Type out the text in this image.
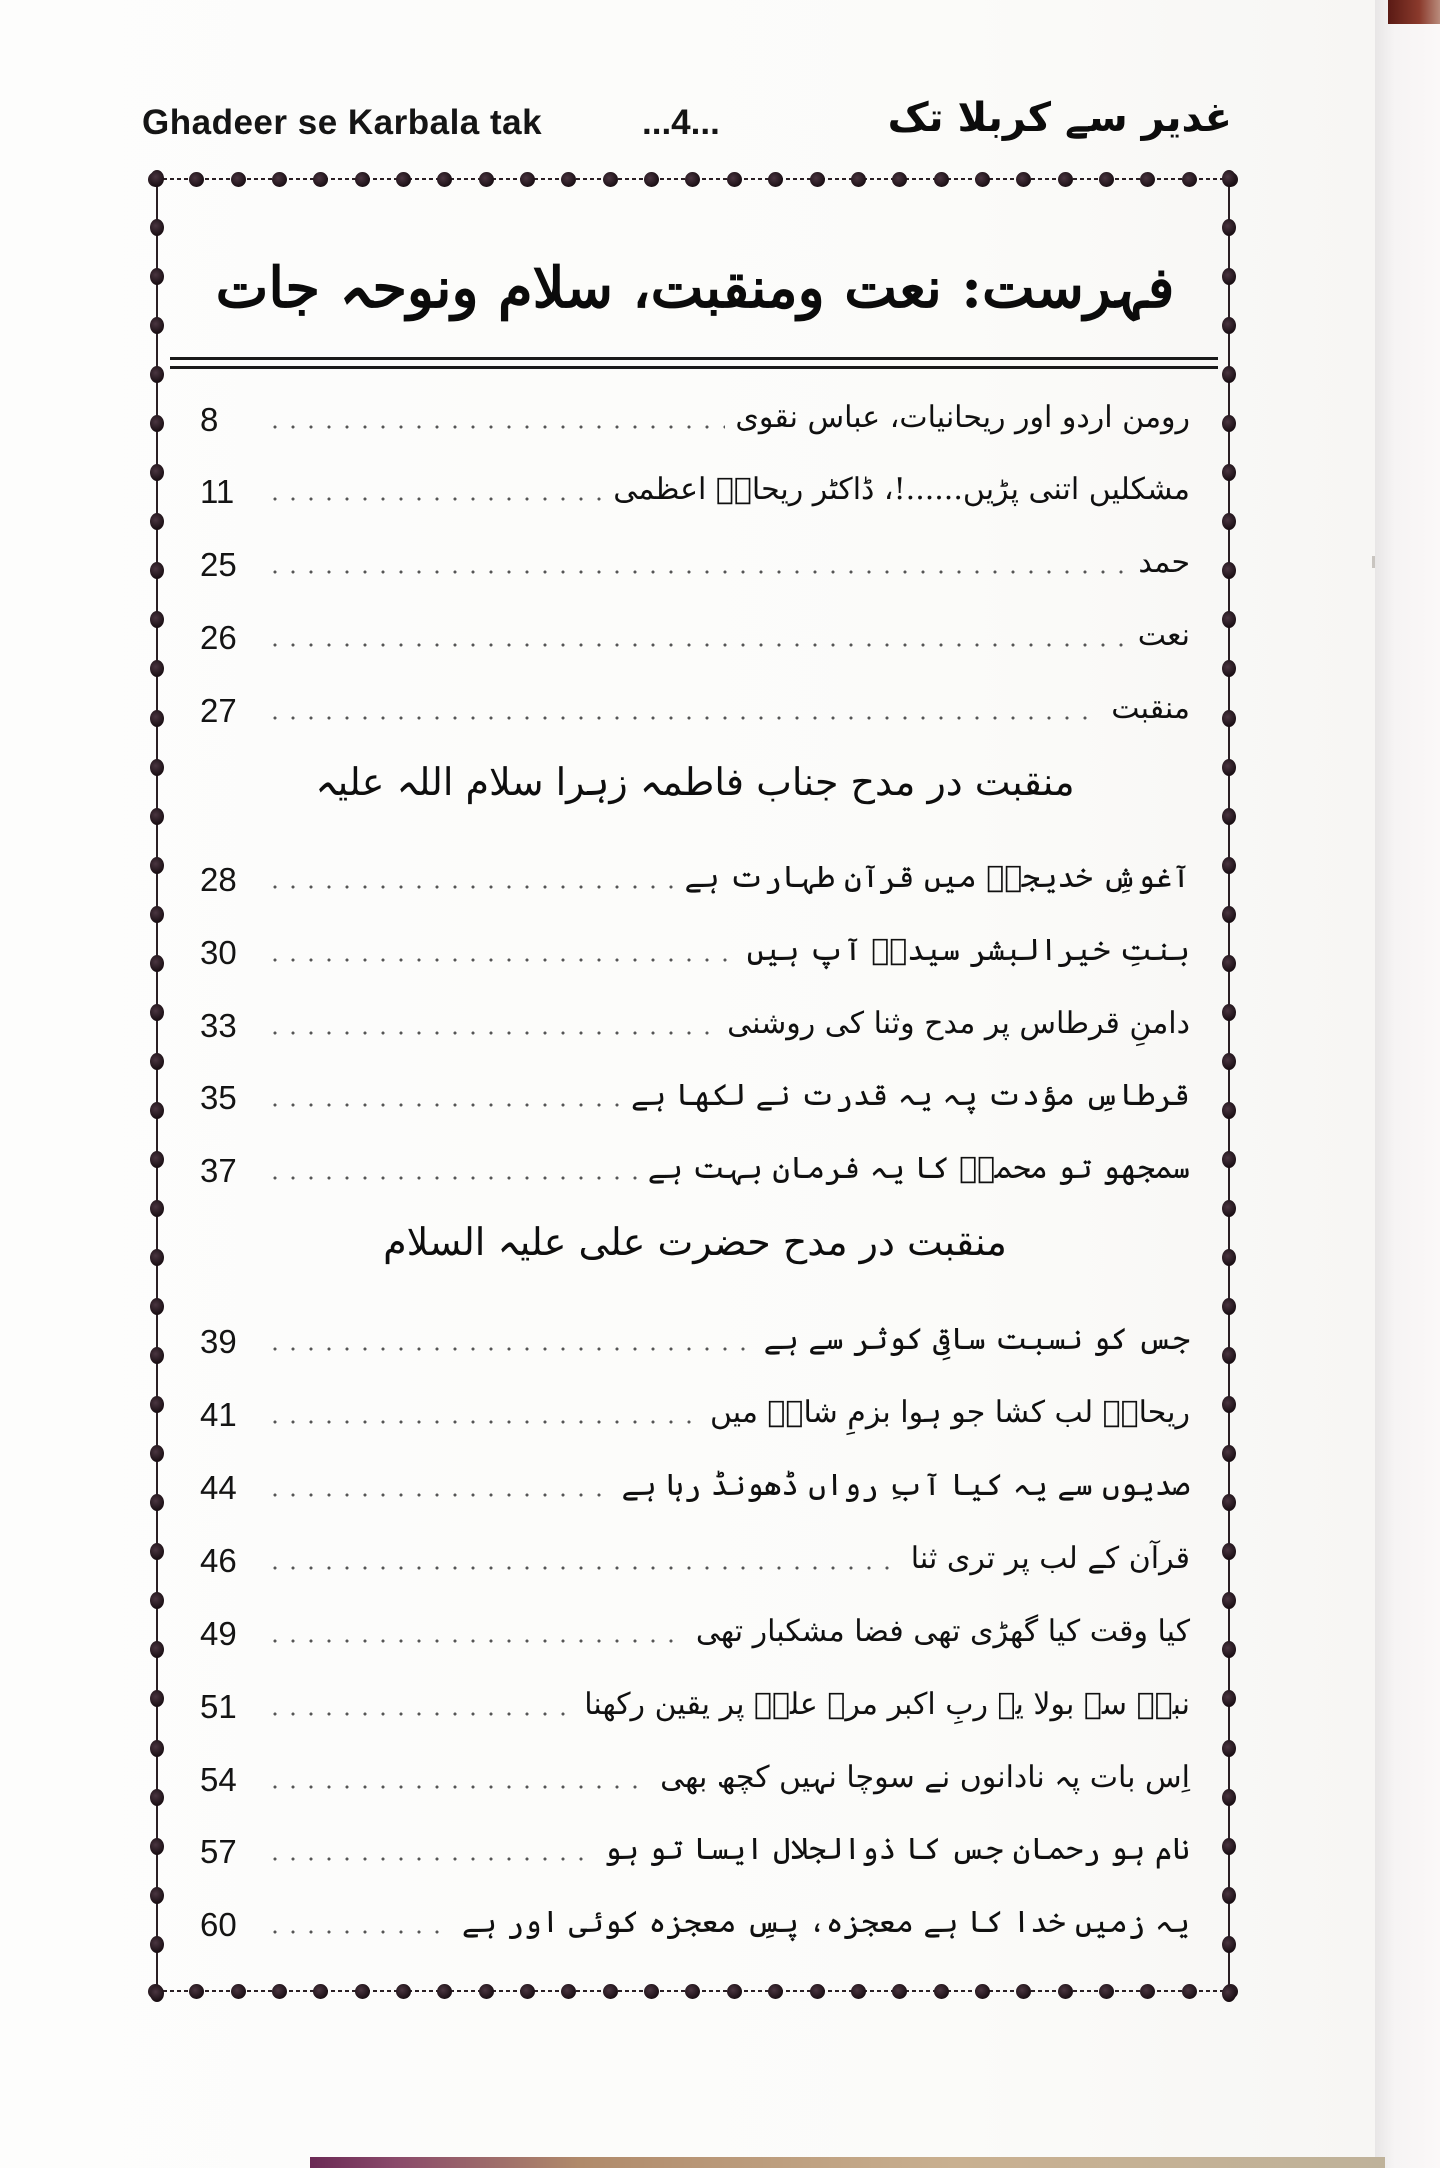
Ghadeer se Karbala tak	...4...	غدیر سے کربلا تک
فہرست: نعت ومنقبت، سلام ونوحہ جات
8	رومن اردو اور ریحانیات، عباس نقوی
11	مشکلیں اتنی پڑیں......!، ڈاکٹر ریحانؔ اعظمی
25	حمد
26	نعت
27	منقبت
منقبت در مدح جناب فاطمہ زہرا سلام اللہ علیہ
28	آغوشِ خدیجہؑ میں قرآنِ طہارت ہے
30	بنتِ خیرالبشر سیدہؑ آپ ہیں
33	دامنِ قرطاس پر مدح وثنا کی روشنی
35	قرطاسِ مؤدت پہ یہ قدرت نے لکھا ہے
37	سمجھو تو محمدؐ کا یہ فرمان بہت ہے
منقبت در مدح حضرت علی علیہ السلام
39	جس کو نسبت ساقیِ کوثر سے ہے
41	ریحانؔ لب کشا جو ہوا بزمِ شاہؑ میں
44	صدیوں سے یہ کیا آبِ رواں ڈھونڈ رہا ہے
46	قرآن کے لب پر تری ثنا
49	کیا وقت کیا گھڑی تھی فضا مشکبار تھی
51	نبیؐ سے بولا یہ ربِ اکبر مرے علیؑ پر یقین رکھنا
54	اِس بات پہ نادانوں نے سوچا نہیں کچھ بھی
57	نام ہو رحمان جس کا ذوالجلال ایسا تو ہو
60	یہ زمیں خدا کا ہے معجزہ، پسِ معجزہ کوئی اور ہے
